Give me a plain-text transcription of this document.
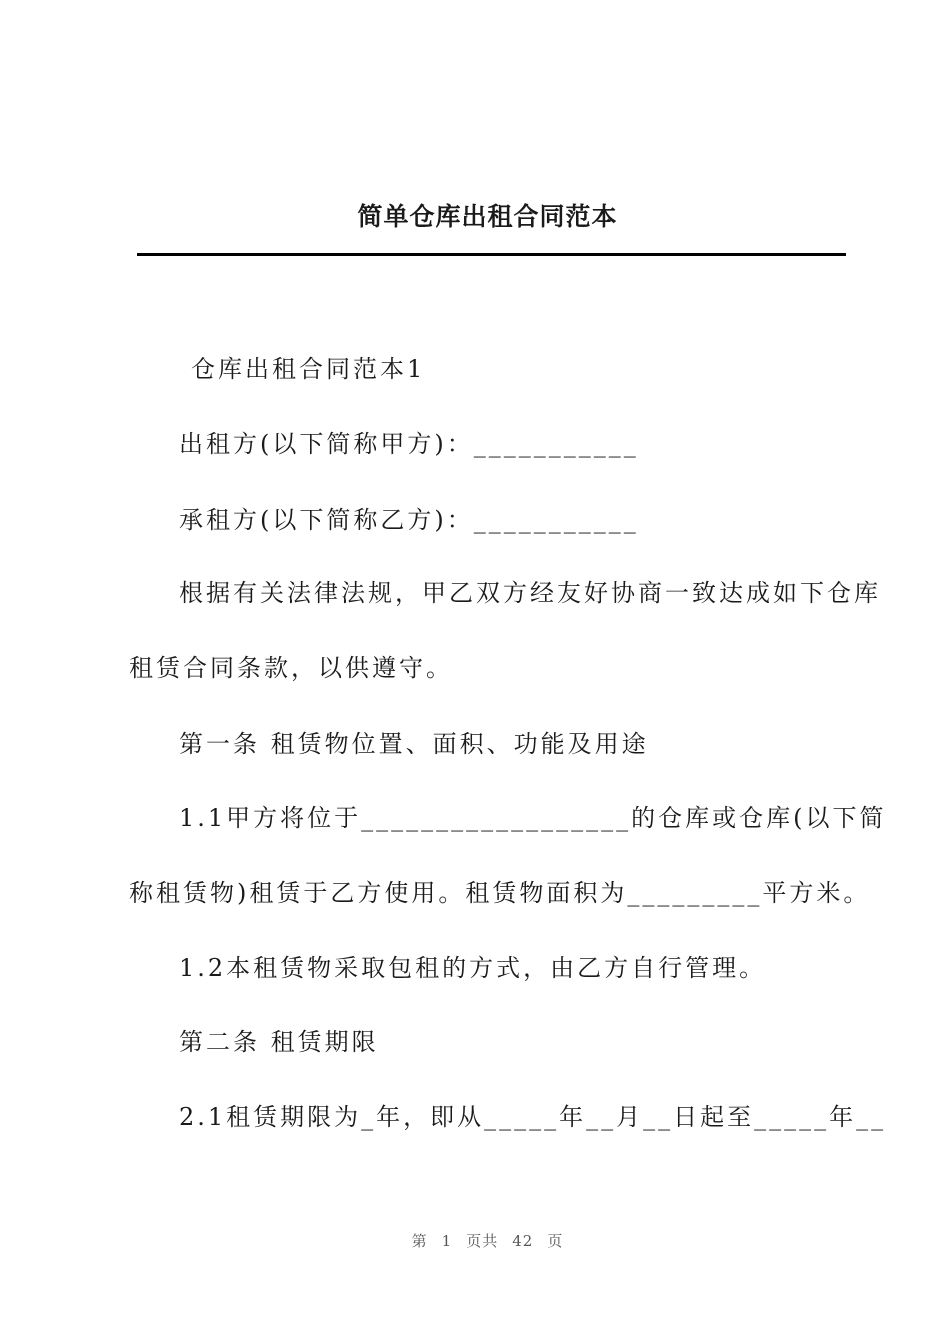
简单仓库出租合同范本
仓库出租合同范本1
出租方(以下简称甲方)：___________
承租方(以下简称乙方)：___________
根据有关法律法规，甲乙双方经友好协商一致达成如下仓库
租赁合同条款，以供遵守。
第一条 租赁物位置、面积、功能及用途
1.1甲方将位于__________________的仓库或仓库(以下简
称租赁物)租赁于乙方使用。租赁物面积为_________平方米。
1.2本租赁物采取包租的方式，由乙方自行管理。
第二条 租赁期限
2.1租赁期限为_年，即从_____年__月__日起至_____年__
第 1 页共 42 页
